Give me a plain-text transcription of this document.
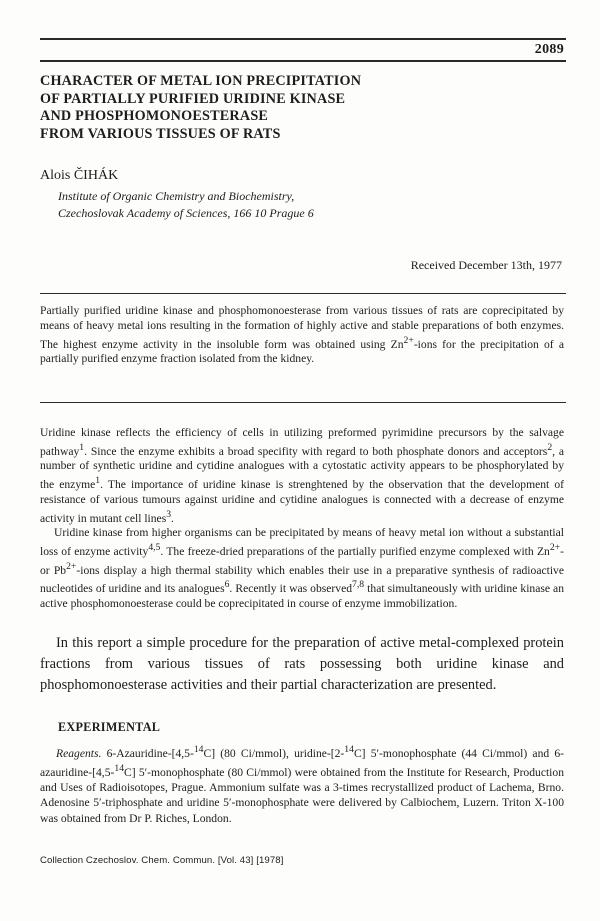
2089
CHARACTER OF METAL ION PRECIPITATION
OF PARTIALLY PURIFIED URIDINE KINASE
AND PHOSPHOMONOESTERASE
FROM VARIOUS TISSUES OF RATS
Alois ČIHÁK
Institute of Organic Chemistry and Biochemistry,
Czechoslovak Academy of Sciences, 166 10 Prague 6
Received December 13th, 1977
Partially purified uridine kinase and phosphomonoesterase from various tissues of rats are coprecipitated by means of heavy metal ions resulting in the formation of highly active and stable preparations of both enzymes. The highest enzyme activity in the insoluble form was obtained using $Zn^{2+}$-ions for the precipitation of a partially purified enzyme fraction isolated from the kidney.

Uridine kinase reflects the efficiency of cells in utilizing preformed pyrimidine precursors by the salvage pathway$^1$. Since the enzyme exhibits a broad specifity with regard to both phosphate donors and acceptors$^2$, a number of synthetic uridine and cytidine analogues with a cytostatic activity appears to be phosphorylated by the enzyme$^1$. The importance of uridine kinase is strenghtened by the observation that the development of resistance of various tumours against uridine and cytidine analogues is connected with a decrease of enzyme activity in mutant cell lines$^3$.

Uridine kinase from higher organisms can be precipitated by means of heavy metal ion without a substantial loss of enzyme activity$^{4,5}$. The freeze-dried preparations of the partially purified enzyme complexed with $Zn^{2+}-$ or $Pb^{2+}$-ions display a high thermal stability which enables their use in a preparative synthesis of radioactive nucleotides of uridine and its analogues$^6$. Recently it was observed$^{7,8}$ that simultaneously with uridine kinase an active phosphomonoesterase could be coprecipitated in course of enzyme immobilization.

In this report a simple procedure for the preparation of active metal-complexed protein fractions from various tissues of rats possessing both uridine kinase and phosphomonoesterase activities and their partial characterization are presented.
EXPERIMENTAL
Reagents. 6-Azauridine-[4,5-$^{14}$C] (80 Ci/mmol), uridine-[2-$^{14}$C] 5′-monophosphate (44 Ci/mmol) and 6-azauridine-[4,5-$^{14}$C] 5′-monophosphate (80 Ci/mmol) were obtained from the Institute for Research, Production and Uses of Radioisotopes, Prague. Ammonium sulfate was a 3-times recrystallized product of Lachema, Brno. Adenosine 5′-triphosphate and uridine 5′-monophosphate were delivered by Calbiochem, Luzern. Triton X-100 was obtained from Dr P. Riches, London.
Collection Czechoslov. Chem. Commun. [Vol. 43] [1978]
